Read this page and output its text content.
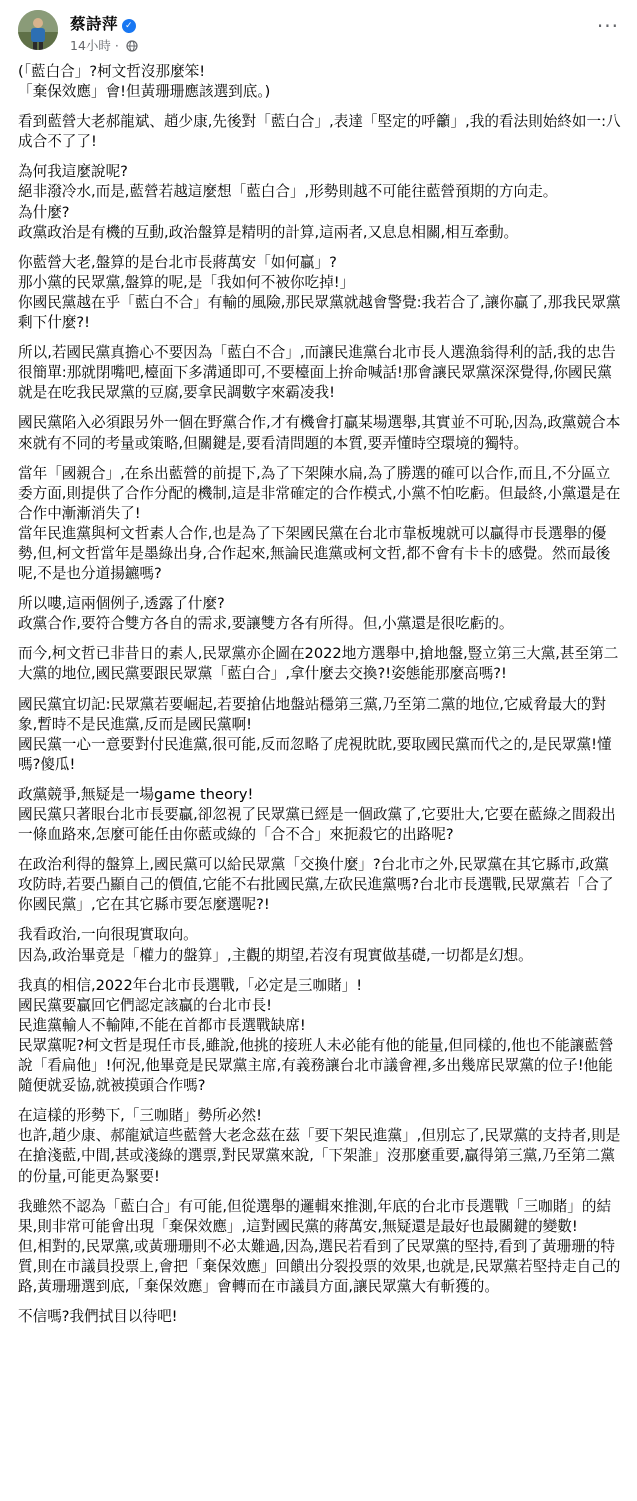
蔡詩萍 ✓
14小時 ·
···
(「藍白合」?柯文哲沒那麼笨!
「棄保效應」會!但黃珊珊應該選到底。)
看到藍營大老郝龍斌、趙少康,先後對「藍白合」,表達「堅定的呼籲」,我的看法則始終如一:八成合不了了!
為何我這麼說呢?
絕非潑冷水,而是,藍營若越這麼想「藍白合」,形勢則越不可能往藍營預期的方向走。
為什麼?
政黨政治是有機的互動,政治盤算是精明的計算,這兩者,又息息相關,相互牽動。
你藍營大老,盤算的是台北市長蔣萬安「如何贏」?
那小黨的民眾黨,盤算的呢,是「我如何不被你吃掉!」
你國民黨越在乎「藍白不合」有輸的風險,那民眾黨就越會警覺:我若合了,讓你贏了,那我民眾黨剩下什麼?!
所以,若國民黨真擔心不要因為「藍白不合」,而讓民進黨台北市長人選漁翁得利的話,我的忠告很簡單:那就閉嘴吧,檯面下多溝通即可,不要檯面上拚命喊話!那會讓民眾黨深深覺得,你國民黨就是在吃我民眾黨的豆腐,要拿民調數字來霸凌我!
國民黨陷入必須跟另外一個在野黨合作,才有機會打贏某場選舉,其實並不可恥,因為,政黨競合本來就有不同的考量或策略,但關鍵是,要看清問題的本質,要弄懂時空環境的獨特。
當年「國親合」,在糸出藍營的前提下,為了下架陳水扁,為了勝選的確可以合作,而且,不分區立委方面,則提供了合作分配的機制,這是非常確定的合作模式,小黨不怕吃虧。但最終,小黨還是在合作中漸漸消失了!
當年民進黨與柯文哲素人合作,也是為了下架國民黨在台北市靠板塊就可以贏得市長選舉的優勢,但,柯文哲當年是墨綠出身,合作起來,無論民進黨或柯文哲,都不會有卡卡的感覺。然而最後呢,不是也分道揚鑣嗎?
所以嘍,這兩個例子,透露了什麼?
政黨合作,要符合雙方各自的需求,要讓雙方各有所得。但,小黨還是很吃虧的。
而今,柯文哲已非昔日的素人,民眾黨亦企圖在2022地方選舉中,搶地盤,豎立第三大黨,甚至第二大黨的地位,國民黨要跟民眾黨「藍白合」,拿什麼去交換?!姿態能那麼高嗎?!
國民黨宜切記:民眾黨若要崛起,若要搶佔地盤站穩第三黨,乃至第二黨的地位,它威脅最大的對象,暫時不是民進黨,反而是國民黨啊!
國民黨一心一意要對付民進黨,很可能,反而忽略了虎視眈眈,要取國民黨而代之的,是民眾黨!懂嗎?傻瓜!
政黨競爭,無疑是一場game theory!
國民黨只著眼台北市長要贏,卻忽視了民眾黨已經是一個政黨了,它要壯大,它要在藍綠之間殺出一條血路來,怎麼可能任由你藍或綠的「合不合」來扼殺它的出路呢?
在政治利得的盤算上,國民黨可以給民眾黨「交換什麼」?台北市之外,民眾黨在其它縣市,政黨攻防時,若要凸顯自己的價值,它能不右批國民黨,左砍民進黨嗎?台北市長選戰,民眾黨若「合了你國民黨」,它在其它縣市要怎麼選呢?!
我看政治,一向很現實取向。
因為,政治畢竟是「權力的盤算」,主觀的期望,若沒有現實做基礎,一切都是幻想。
我真的相信,2022年台北市長選戰,「必定是三咖賭」!
國民黨要贏回它們認定該贏的台北市長!
民進黨輸人不輸陣,不能在首都市長選戰缺席!
民眾黨呢?柯文哲是現任市長,雖說,他挑的接班人未必能有他的能量,但同樣的,他也不能讓藍營說「看扁他」!何況,他畢竟是民眾黨主席,有義務讓台北市議會裡,多出幾席民眾黨的位子!他能隨便就妥協,就被摸頭合作嗎?
在這樣的形勢下,「三咖賭」勢所必然!
也許,趙少康、郝龍斌這些藍營大老念茲在茲「要下架民進黨」,但別忘了,民眾黨的支持者,則是在搶淺藍,中間,甚或淺綠的選票,對民眾黨來說,「下架誰」沒那麼重要,贏得第三黨,乃至第二黨的份量,可能更為緊要!
我雖然不認為「藍白合」有可能,但從選舉的邏輯來推測,年底的台北市長選戰「三咖賭」的結果,則非常可能會出現「棄保效應」,這對國民黨的蔣萬安,無疑還是最好也最關鍵的變數!
但,相對的,民眾黨,或黃珊珊則不必太難過,因為,選民若看到了民眾黨的堅持,看到了黃珊珊的特質,則在市議員投票上,會把「棄保效應」回饋出分裂投票的效果,也就是,民眾黨若堅持走自己的路,黃珊珊選到底,「棄保效應」會轉而在市議員方面,讓民眾黨大有斬獲的。
不信嗎?我們拭目以待吧!
